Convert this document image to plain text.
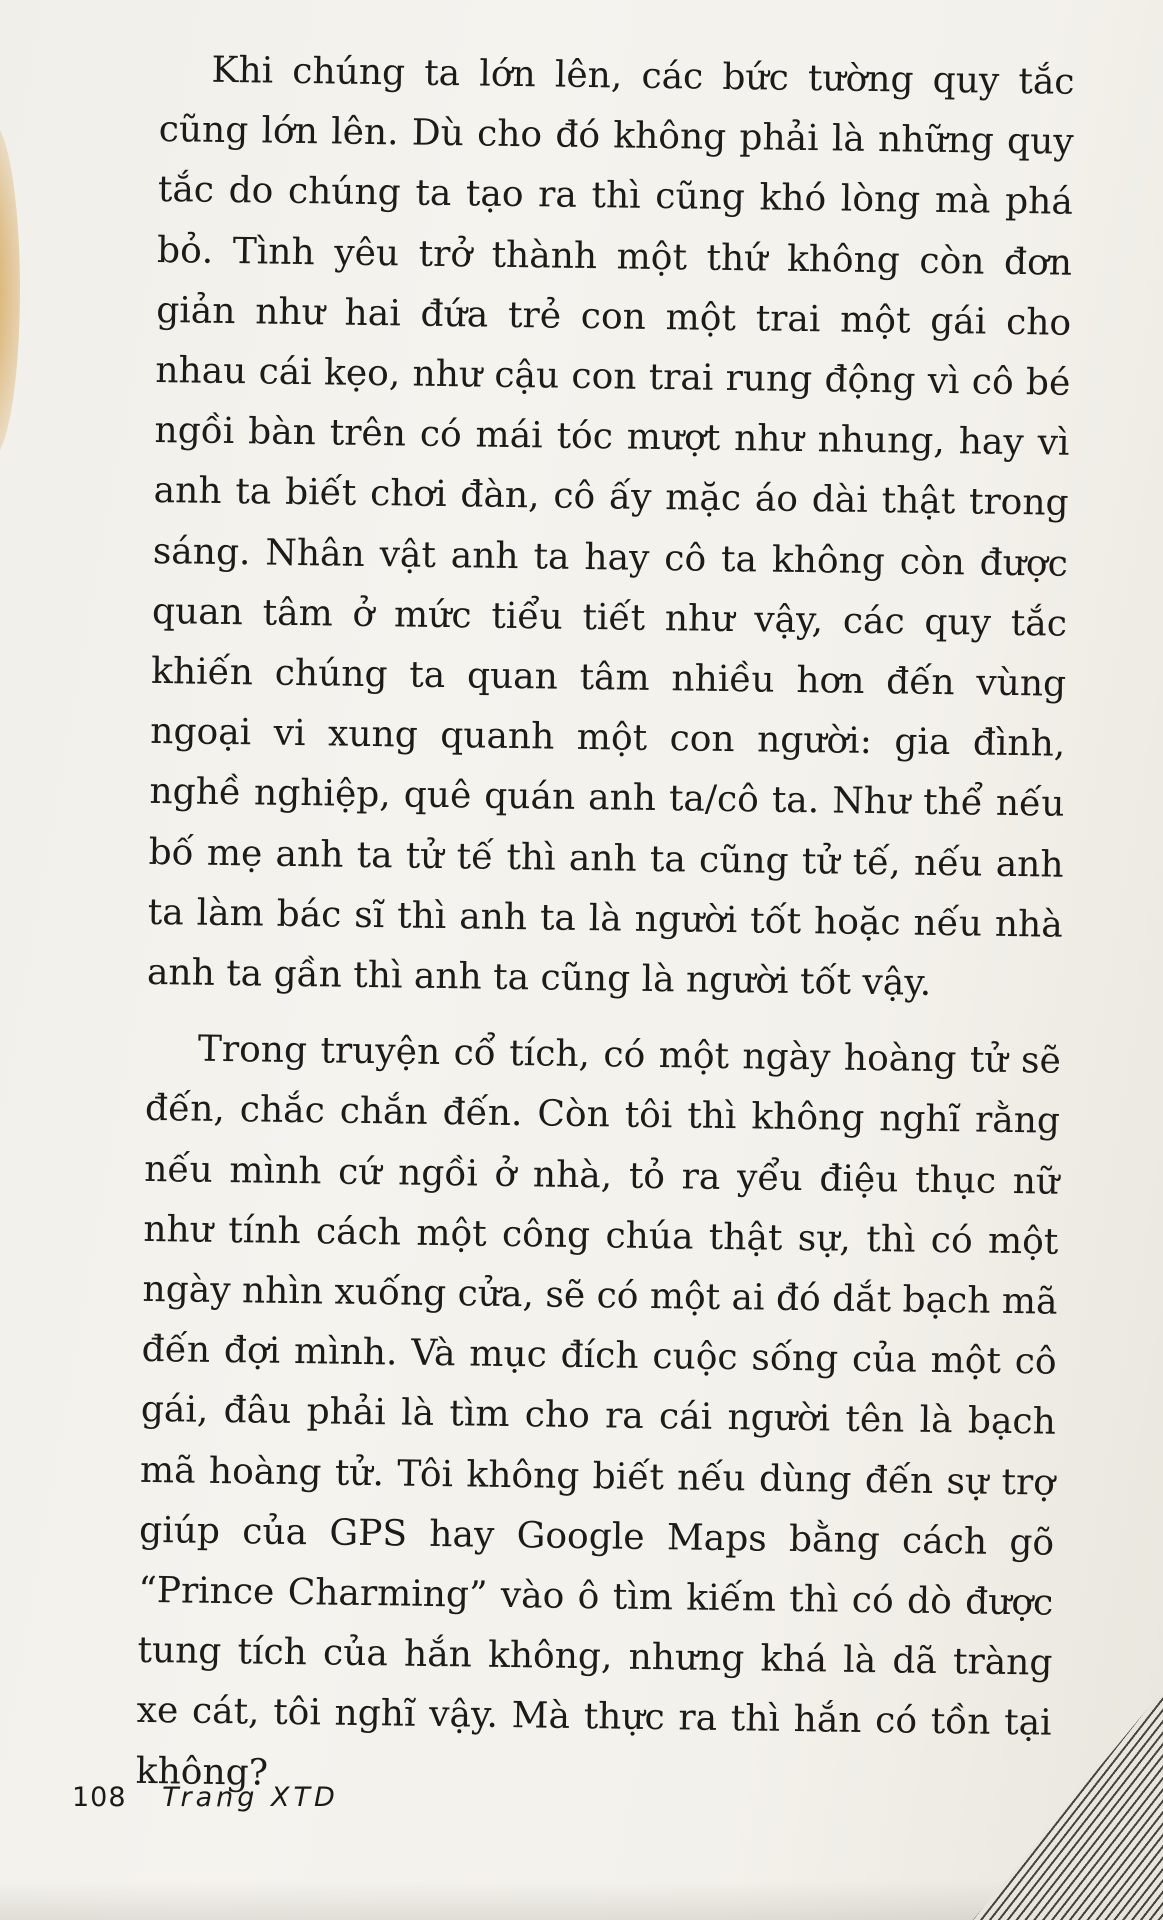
Khi chúng ta lớn lên, các bức tường quy tắc cũng lớn lên. Dù cho đó không phải là những quy tắc do chúng ta tạo ra thì cũng khó lòng mà phá bỏ. Tình yêu trở thành một thứ không còn đơn giản như hai đứa trẻ con một trai một gái cho nhau cái kẹo, như cậu con trai rung động vì cô bé ngồi bàn trên có mái tóc mượt như nhung, hay vì anh ta biết chơi đàn, cô ấy mặc áo dài thật trong sáng. Nhân vật anh ta hay cô ta không còn được quan tâm ở mức tiểu tiết như vậy, các quy tắc khiến chúng ta quan tâm nhiều hơn đến vùng ngoại vi xung quanh một con người: gia đình, nghề nghiệp, quê quán anh ta/cô ta. Như thể nếu bố mẹ anh ta tử tế thì anh ta cũng tử tế, nếu anh ta làm bác sĩ thì anh ta là người tốt hoặc nếu nhà anh ta gần thì anh ta cũng là người tốt vậy.

Trong truyện cổ tích, có một ngày hoàng tử sẽ đến, chắc chắn đến. Còn tôi thì không nghĩ rằng nếu mình cứ ngồi ở nhà, tỏ ra yểu điệu thục nữ như tính cách một công chúa thật sự, thì có một ngày nhìn xuống cửa, sẽ có một ai đó dắt bạch mã đến đợi mình. Và mục đích cuộc sống của một cô gái, đâu phải là tìm cho ra cái người tên là bạch mã hoàng tử. Tôi không biết nếu dùng đến sự trợ giúp của GPS hay Google Maps bằng cách gõ “Prince Charming” vào ô tìm kiếm thì có dò được tung tích của hắn không, nhưng khá là dã tràng xe cát, tôi nghĩ vậy. Mà thực ra thì hắn có tồn tại không?

108 Trang XTD
